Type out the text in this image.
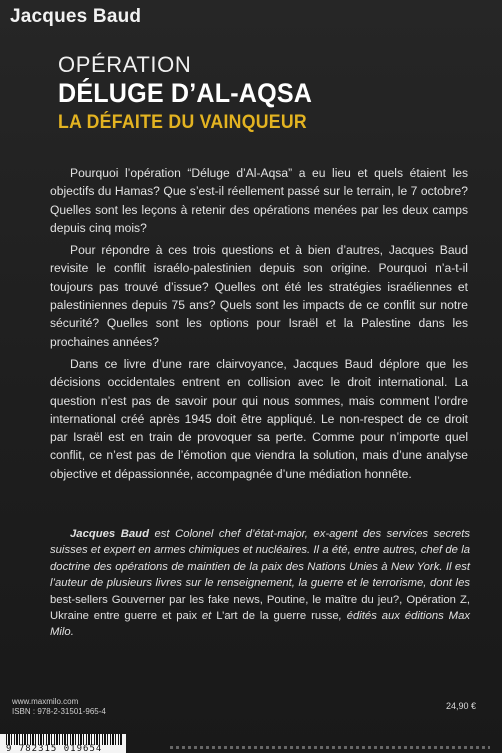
Jacques Baud
OPÉRATION
DÉLUGE D’AL-AQSA
LA DÉFAITE DU VAINQUEUR

Pourquoi l’opération “Déluge d’Al-Aqsa” a eu lieu et quels étaient les objectifs du Hamas? Que s’est-il réellement passé sur le terrain, le 7 octobre? Quelles sont les leçons à retenir des opérations menées par les deux camps depuis cinq mois?

Pour répondre à ces trois questions et à bien d’autres, Jacques Baud revisite le conflit israélo-palestinien depuis son origine. Pourquoi n’a-t-il toujours pas trouvé d’issue? Quelles ont été les stratégies israéliennes et palestiniennes depuis 75 ans? Quels sont les impacts de ce conflit sur notre sécurité? Quelles sont les options pour Israël et la Palestine dans les prochaines années?

Dans ce livre d’une rare clairvoyance, Jacques Baud déplore que les décisions occidentales entrent en collision avec le droit international. La question n’est pas de savoir pour qui nous sommes, mais comment l’ordre international créé après 1945 doit être appliqué. Le non-respect de ce droit par Israël est en train de provoquer sa perte. Comme pour n’importe quel conflit, ce n’est pas de l’émotion que viendra la solution, mais d’une analyse objective et dépassionnée, accompagnée d’une médiation honnête.

Jacques Baud est Colonel chef d’état-major, ex-agent des services secrets suisses et expert en armes chimiques et nucléaires. Il a été, entre autres, chef de la doctrine des opérations de maintien de la paix des Nations Unies à New York. Il est l’auteur de plusieurs livres sur le renseignement, la guerre et le terrorisme, dont les best-sellers Gouverner par les fake news, Poutine, le maître du jeu?, Opération Z, Ukraine entre guerre et paix et L’art de la guerre russe, édités aux éditions Max Milo.
www.maxmilo.com
ISBN : 978-2-31501-965-4
24,90 €
9 782315 019654
